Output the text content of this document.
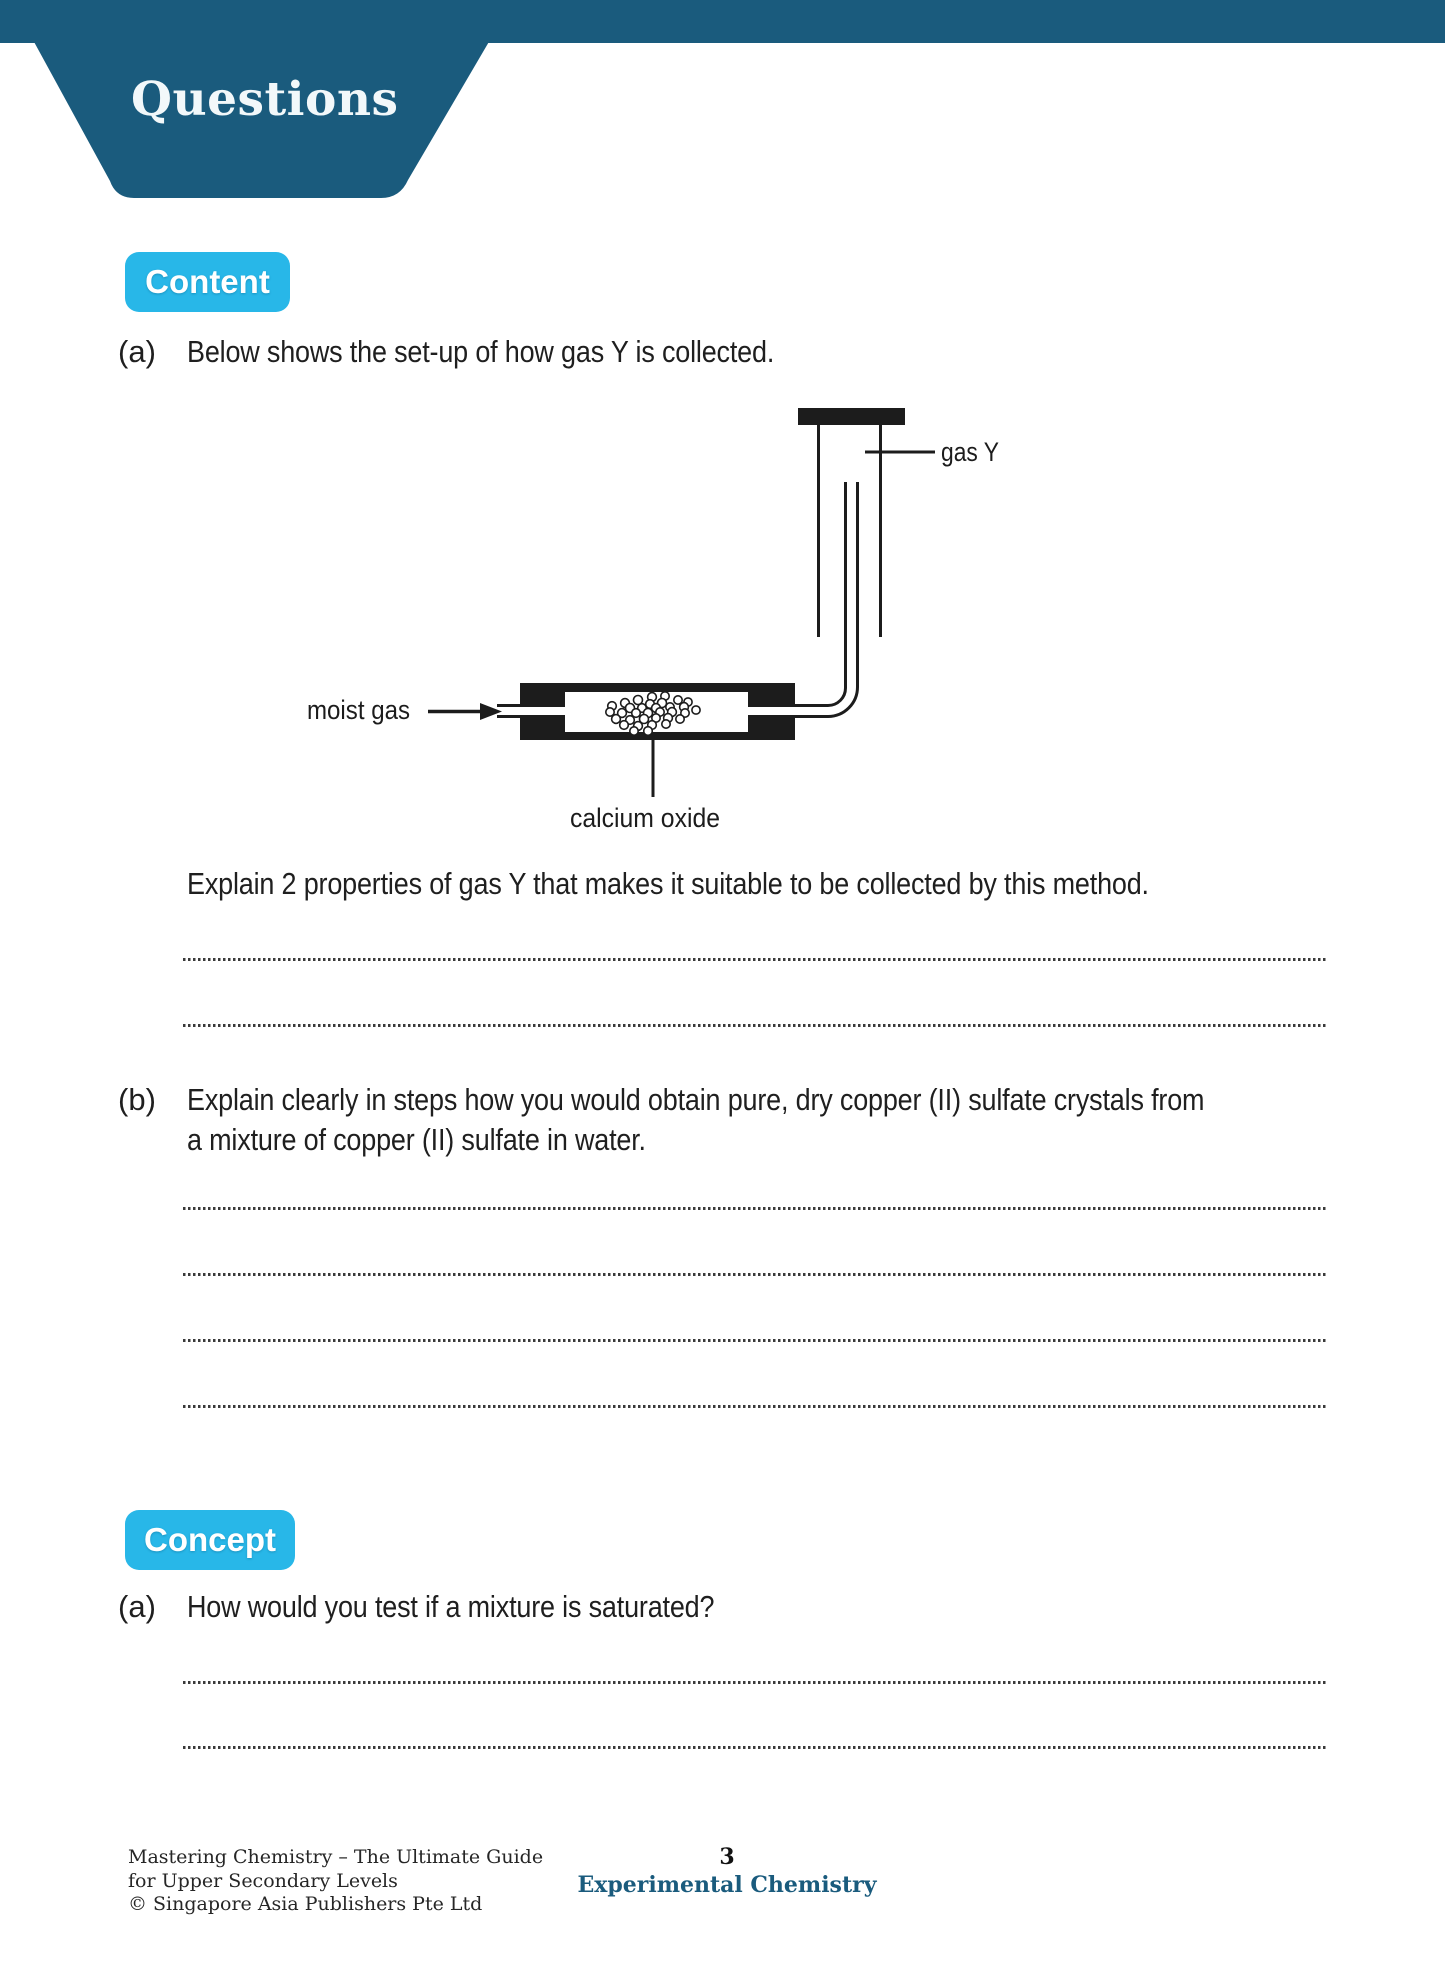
Questions
Content
(a) Below shows the set-up of how gas Y is collected.
moist gas
calcium oxide
gas Y
Explain 2 properties of gas Y that makes it suitable to be collected by this method.
(b) Explain clearly in steps how you would obtain pure, dry copper (II) sulfate crystals from
a mixture of copper (II) sulfate in water.
Concept
(a) How would you test if a mixture is saturated?
Mastering Chemistry – The Ultimate Guide
for Upper Secondary Levels
© Singapore Asia Publishers Pte Ltd
3
Experimental Chemistry
